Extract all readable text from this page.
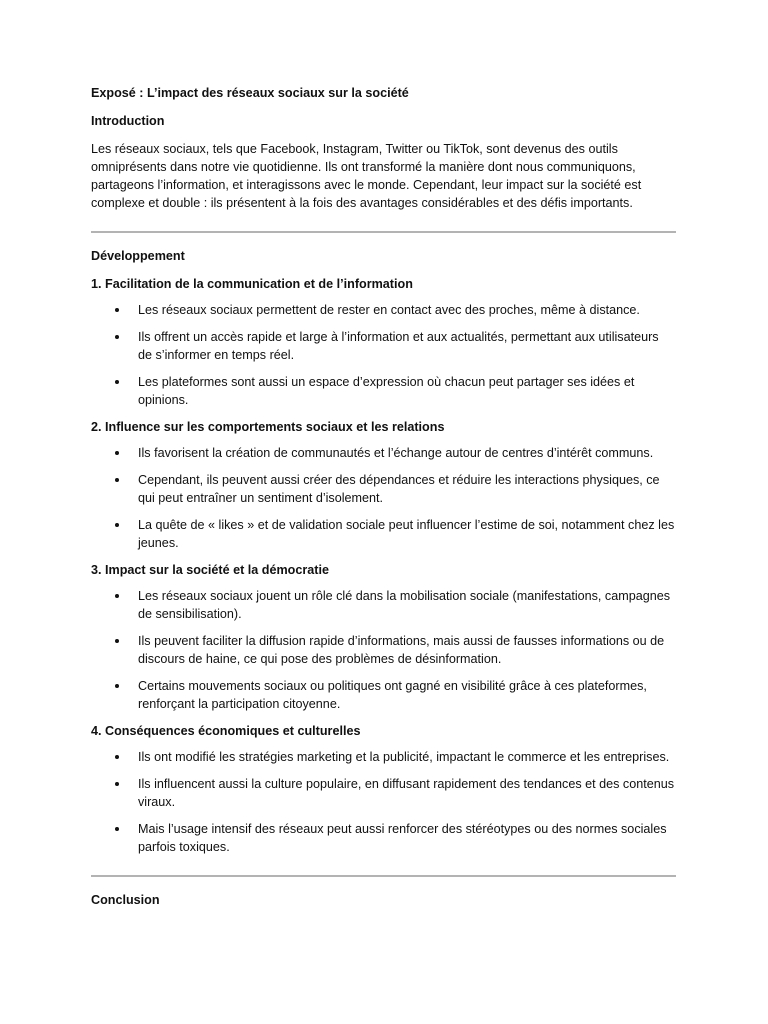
Exposé : L’impact des réseaux sociaux sur la société

Introduction

Les réseaux sociaux, tels que Facebook, Instagram, Twitter ou TikTok, sont devenus des outils omniprésents dans notre vie quotidienne. Ils ont transformé la manière dont nous communiquons, partageons l’information, et interagissons avec le monde. Cependant, leur impact sur la société est complexe et double : ils présentent à la fois des avantages considérables et des défis importants.

Développement

1. Facilitation de la communication et de l’information

Les réseaux sociaux permettent de rester en contact avec des proches, même à distance.
Ils offrent un accès rapide et large à l’information et aux actualités, permettant aux utilisateurs de s’informer en temps réel.
Les plateformes sont aussi un espace d’expression où chacun peut partager ses idées et opinions.

2. Influence sur les comportements sociaux et les relations

Ils favorisent la création de communautés et l’échange autour de centres d’intérêt communs.
Cependant, ils peuvent aussi créer des dépendances et réduire les interactions physiques, ce qui peut entraîner un sentiment d’isolement.
La quête de « likes » et de validation sociale peut influencer l’estime de soi, notamment chez les jeunes.

3. Impact sur la société et la démocratie

Les réseaux sociaux jouent un rôle clé dans la mobilisation sociale (manifestations, campagnes de sensibilisation).
Ils peuvent faciliter la diffusion rapide d’informations, mais aussi de fausses informations ou de discours de haine, ce qui pose des problèmes de désinformation.
Certains mouvements sociaux ou politiques ont gagné en visibilité grâce à ces plateformes, renforçant la participation citoyenne.

4. Conséquences économiques et culturelles

Ils ont modifié les stratégies marketing et la publicité, impactant le commerce et les entreprises.
Ils influencent aussi la culture populaire, en diffusant rapidement des tendances et des contenus viraux.
Mais l’usage intensif des réseaux peut aussi renforcer des stéréotypes ou des normes sociales parfois toxiques.

Conclusion
